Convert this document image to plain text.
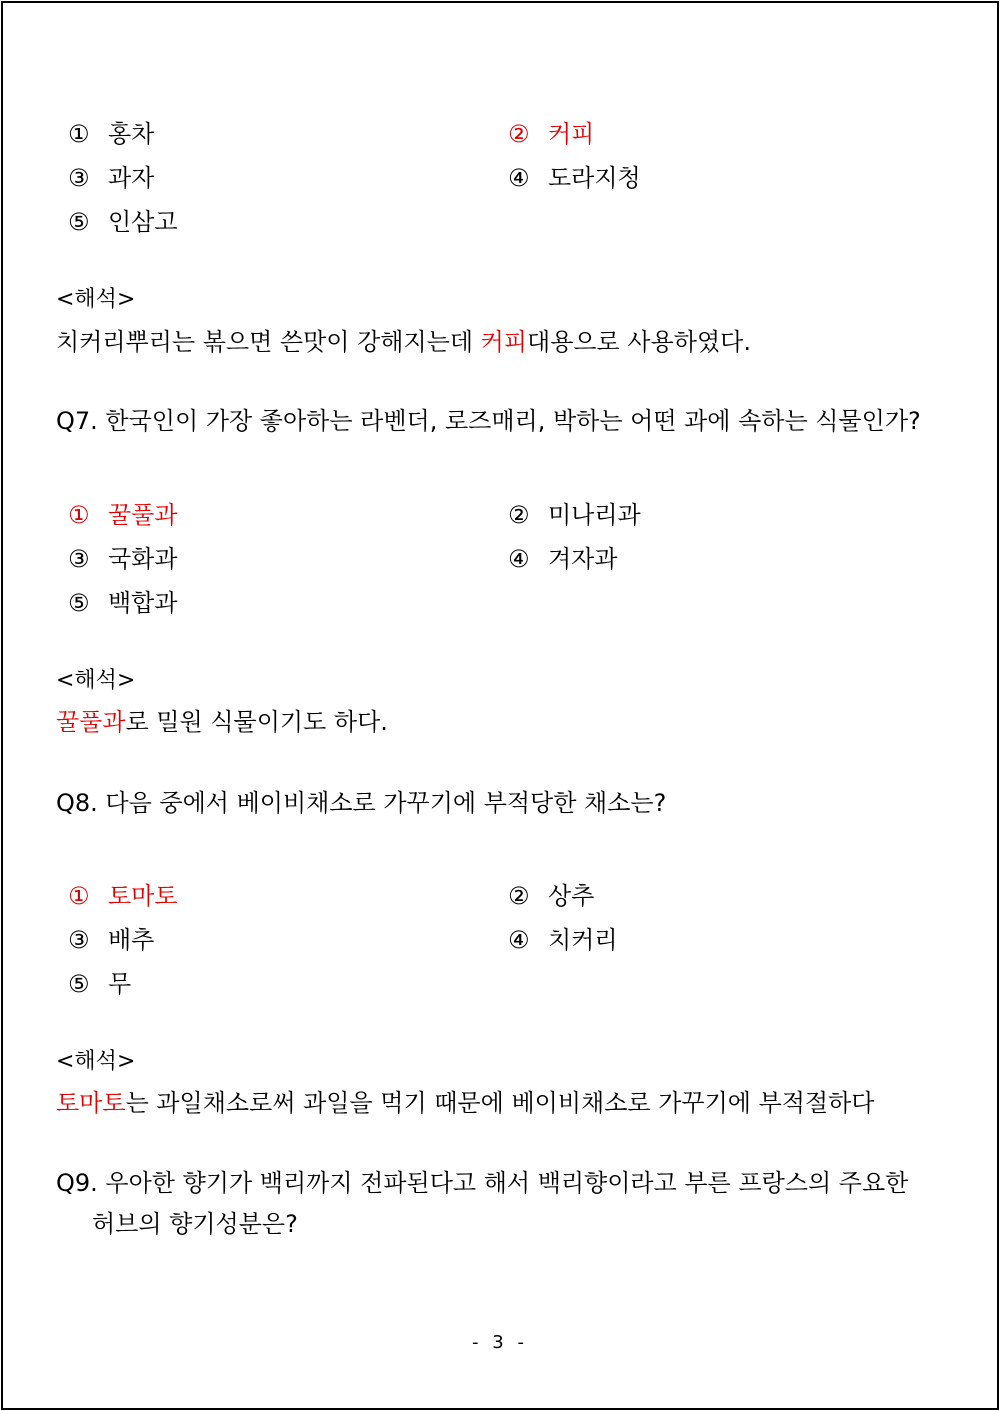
① 홍차	② 커피
③ 과자	④ 도라지청
⑤ 인삼고
<해석>
치커리뿌리는 볶으면 쓴맛이 강해지는데 커피대용으로 사용하였다.
Q7. 한국인이 가장 좋아하는 라벤더, 로즈매리, 박하는 어떤 과에 속하는 식물인가?
① 꿀풀과	② 미나리과
③ 국화과	④ 겨자과
⑤ 백합과
<해석>
꿀풀과로 밀원 식물이기도 하다.
Q8. 다음 중에서 베이비채소로 가꾸기에 부적당한 채소는?
① 토마토	② 상추
③ 배추	④ 치커리
⑤ 무
<해석>
토마토는 과일채소로써 과일을 먹기 때문에 베이비채소로 가꾸기에 부적절하다
Q9. 우아한 향기가 백리까지 전파된다고 해서 백리향이라고 부른 프랑스의 주요한
허브의 향기성분은?
- 3 -
